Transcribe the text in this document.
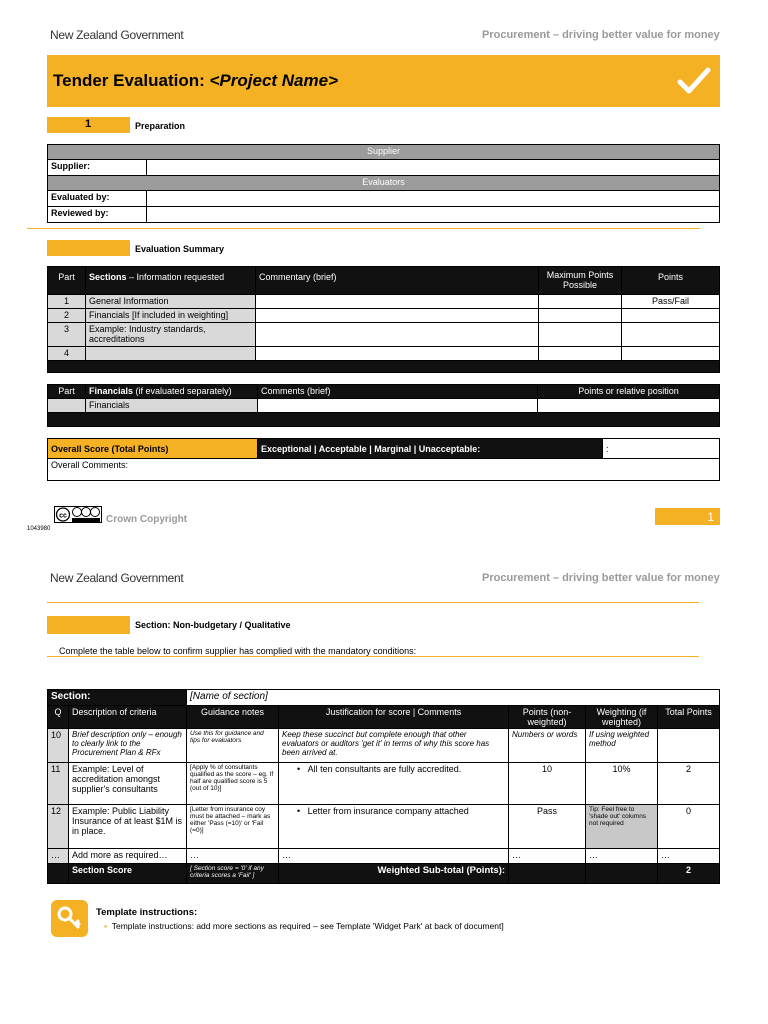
New Zealand Government	Procurement – driving better value for money
Tender Evaluation: <Project Name>
1	Preparation
Supplier	
Supplier:	
Evaluators	
Evaluated by:	
Reviewed by:	
Evaluation Summary
Part	Sections – Information requested	Commentary (brief)	Maximum Points Possible	Points
1	General Information			Pass/Fail
2	Financials [If included in weighting]			
3	Example: Industry standards, accreditations			
4				

Part	Financials (if evaluated separately)	Comments (brief)	Points or relative position
	Financials		

Overall Score (Total Points)	Exceptional | Acceptable | Marginal | Unacceptable:	:
Overall Comments:
cc	Crown Copyright	1
1043980
New Zealand Government	Procurement – driving better value for money
Section: Non-budgetary / Qualitative
Complete the table below to confirm supplier has complied with the mandatory conditions:
Section:		[Name of section]				
Q	Description of criteria	Guidance notes	Justification for score | Comments	Points (non-weighted)	Weighting (if weighted)	Total Points
10	Brief description only – enough to clearly link to the Procurement Plan & RFx	Use this for guidance and tips for evaluators	Keep these succinct but complete enough that other evaluators or auditors 'get it' in terms of why this score has been arrived at.	Numbers or words	If using weighted method	
11	Example: Level of accreditation amongst supplier's consultants	[Apply % of consultants qualified as the score – eg. If half are qualified score is 5 (out of 10)]	•   All ten consultants are fully accredited.	10	10%	2
12	Example: Public Liability Insurance of at least $1M is in place.	[Letter from insurance coy must be attached – mark as either 'Pass (=10)' or 'Fail (=0)]	•   Letter from insurance company attached	Pass	Tip: Feel free to 'shade out' columns not required	0
…	Add more as required…	…	…	…	…	…
	Section Score	[ Section score = '0' if any criteria scores a 'Fail' ]	Weighted Sub-total (Points):			2
Template instructions:
▪  Template instructions: add more sections as required – see Template 'Widget Park' at back of document]
